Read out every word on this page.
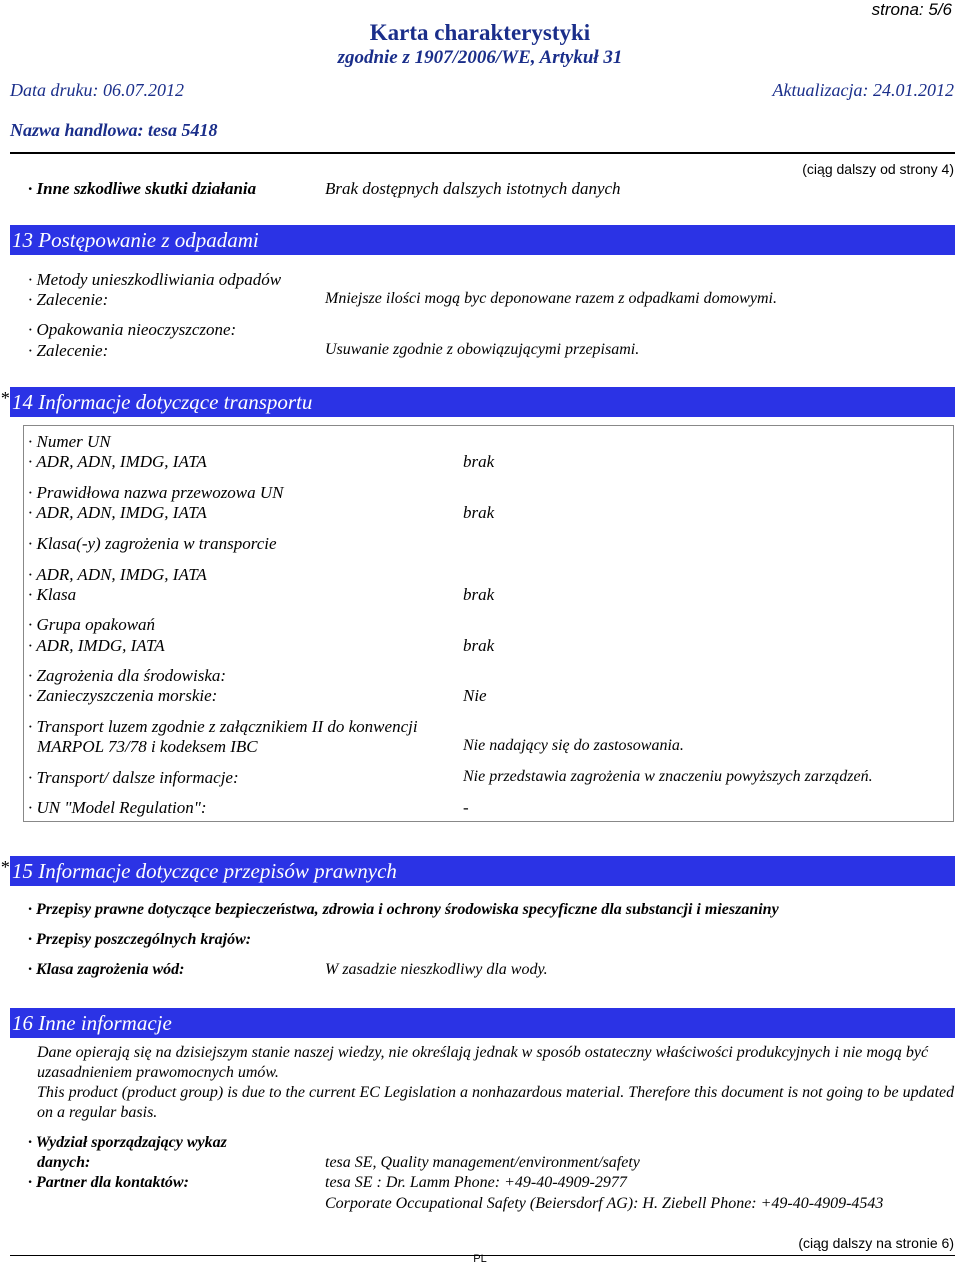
strona: 5/6
Karta charakterystyki
zgodnie z 1907/2006/WE, Artykuł 31
Data druku: 06.07.2012	Aktualizacja: 24.01.2012
Nazwa handlowa: tesa 5418
(ciąg dalszy od strony 4)
· Inne szkodliwe skutki działania	Brak dostępnych dalszych istotnych danych
13 Postępowanie z odpadami
· Metody unieszkodliwiania odpadów
· Zalecenie:	Mniejsze ilości mogą byc deponowane razem z odpadkami domowymi.
· Opakowania nieoczyszczone:
· Zalecenie:	Usuwanie zgodnie z obowiązującymi przepisami.
* 14 Informacje dotyczące transportu
· Numer UN
· ADR, ADN, IMDG, IATA	brak
· Prawidłowa nazwa przewozowa UN
· ADR, ADN, IMDG, IATA	brak
· Klasa(-y) zagrożenia w transporcie
· ADR, ADN, IMDG, IATA
· Klasa	brak
· Grupa opakowań
· ADR, IMDG, IATA	brak
· Zagrożenia dla środowiska:
· Zanieczyszczenia morskie:	Nie
· Transport luzem zgodnie z załącznikiem II do konwencji
MARPOL 73/78 i kodeksem IBC	Nie nadający się do zastosowania.
· Transport/ dalsze informacje:	Nie przedstawia zagrożenia w znaczeniu powyższych zarządzeń.
· UN "Model Regulation":	-
* 15 Informacje dotyczące przepisów prawnych
· Przepisy prawne dotyczące bezpieczeństwa, zdrowia i ochrony środowiska specyficzne dla substancji i mieszaniny
· Przepisy poszczególnych krajów:
· Klasa zagrożenia wód:	W zasadzie nieszkodliwy dla wody.
16 Inne informacje
Dane opierają się na dzisiejszym stanie naszej wiedzy, nie określają jednak w sposób ostateczny właściwości produkcyjnych i nie mogą być uzasadnieniem prawomocnych umów.
This product (product group) is due to the current EC Legislation a nonhazardous material. Therefore this document is not going to be updated on a regular basis.
· Wydział sporządzający wykaz
danych:	tesa SE, Quality management/environment/safety
· Partner dla kontaktów:	tesa SE : Dr. Lamm Phone: +49-40-4909-2977
Corporate Occupational Safety (Beiersdorf AG): H. Ziebell Phone: +49-40-4909-4543
(ciąg dalszy na stronie 6)
PL
